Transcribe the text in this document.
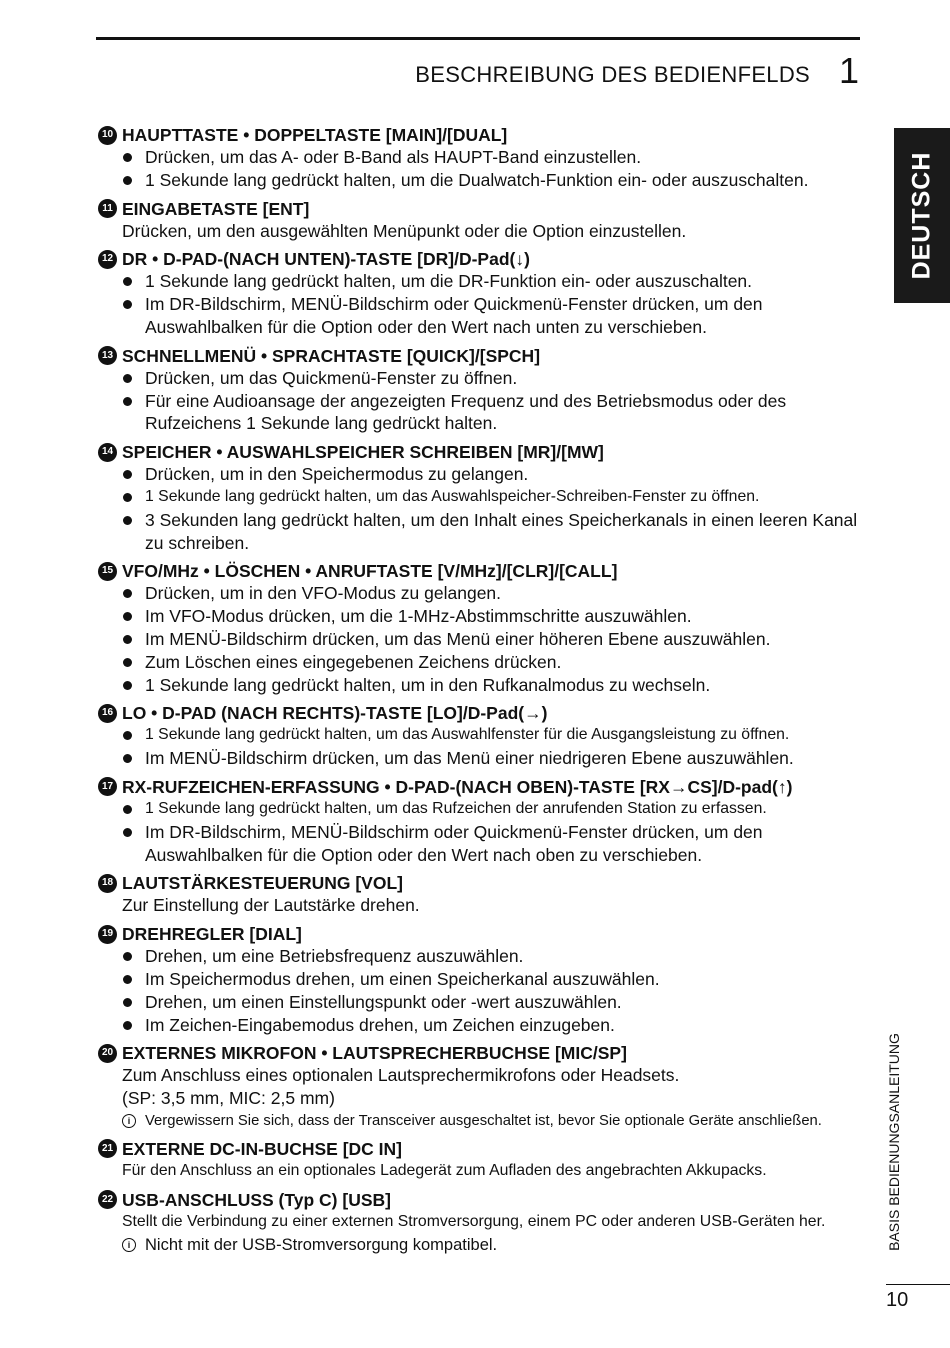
BESCHREIBUNG DES BEDIENFELDS 1
DEUTSCH
BASIS BEDIENUNGSANLEITUNG
10
10 HAUPTTASTE • DOPPELTASTE [MAIN]/[DUAL]
Drücken, um das A- oder B-Band als HAUPT-Band einzustellen.
1 Sekunde lang gedrückt halten, um die Dualwatch-Funktion ein- oder auszuschalten.
11 EINGABETASTE [ENT]
Drücken, um den ausgewählten Menüpunkt oder die Option einzustellen.
12 DR • D-PAD-(NACH UNTEN)-TASTE [DR]/D-Pad(↓)
1 Sekunde lang gedrückt halten, um die DR-Funktion ein- oder auszuschalten.
Im DR-Bildschirm, MENÜ-Bildschirm oder Quickmenü-Fenster drücken, um den Auswahlbalken für die Option oder den Wert nach unten zu verschieben.
13 SCHNELLMENÜ • SPRACHTASTE [QUICK]/[SPCH]
Drücken, um das Quickmenü-Fenster zu öffnen.
Für eine Audioansage der angezeigten Frequenz und des Betriebsmodus oder des Rufzeichens 1 Sekunde lang gedrückt halten.
14 SPEICHER • AUSWAHLSPEICHER SCHREIBEN [MR]/[MW]
Drücken, um in den Speichermodus zu gelangen.
1 Sekunde lang gedrückt halten, um das Auswahlspeicher-Schreiben-Fenster zu öffnen.
3 Sekunden lang gedrückt halten, um den Inhalt eines Speicherkanals in einen leeren Kanal zu schreiben.
15 VFO/MHz • LÖSCHEN • ANRUFTASTE [V/MHz]/[CLR]/[CALL]
Drücken, um in den VFO-Modus zu gelangen.
Im VFO-Modus drücken, um die 1-MHz-Abstimmschritte auszuwählen.
Im MENÜ-Bildschirm drücken, um das Menü einer höheren Ebene auszuwählen.
Zum Löschen eines eingegebenen Zeichens drücken.
1 Sekunde lang gedrückt halten, um in den Rufkanalmodus zu wechseln.
16 LO • D-PAD (NACH RECHTS)-TASTE [LO]/D-Pad(→)
1 Sekunde lang gedrückt halten, um das Auswahlfenster für die Ausgangsleistung zu öffnen.
Im MENÜ-Bildschirm drücken, um das Menü einer niedrigeren Ebene auszuwählen.
17 RX-RUFZEICHEN-ERFASSUNG • D-PAD-(NACH OBEN)-TASTE [RX→CS]/D-pad(↑)
1 Sekunde lang gedrückt halten, um das Rufzeichen der anrufenden Station zu erfassen.
Im DR-Bildschirm, MENÜ-Bildschirm oder Quickmenü-Fenster drücken, um den Auswahlbalken für die Option oder den Wert nach oben zu verschieben.
18 LAUTSTÄRKESTEUERUNG [VOL]
Zur Einstellung der Lautstärke drehen.
19 DREHREGLER [DIAL]
Drehen, um eine Betriebsfrequenz auszuwählen.
Im Speichermodus drehen, um einen Speicherkanal auszuwählen.
Drehen, um einen Einstellungspunkt oder -wert auszuwählen.
Im Zeichen-Eingabemodus drehen, um Zeichen einzugeben.
20 EXTERNES MIKROFON • LAUTSPRECHERBUCHSE [MIC/SP]
Zum Anschluss eines optionalen Lautsprechermikrofons oder Headsets.
(SP: 3,5 mm, MIC: 2,5 mm)
i Vergewissern Sie sich, dass der Transceiver ausgeschaltet ist, bevor Sie optionale Geräte anschließen.
21 EXTERNE DC-IN-BUCHSE [DC IN]
Für den Anschluss an ein optionales Ladegerät zum Aufladen des angebrachten Akkupacks.
22 USB-ANSCHLUSS (Typ C) [USB]
Stellt die Verbindung zu einer externen Stromversorgung, einem PC oder anderen USB-Geräten her.
i Nicht mit der USB-Stromversorgung kompatibel.
